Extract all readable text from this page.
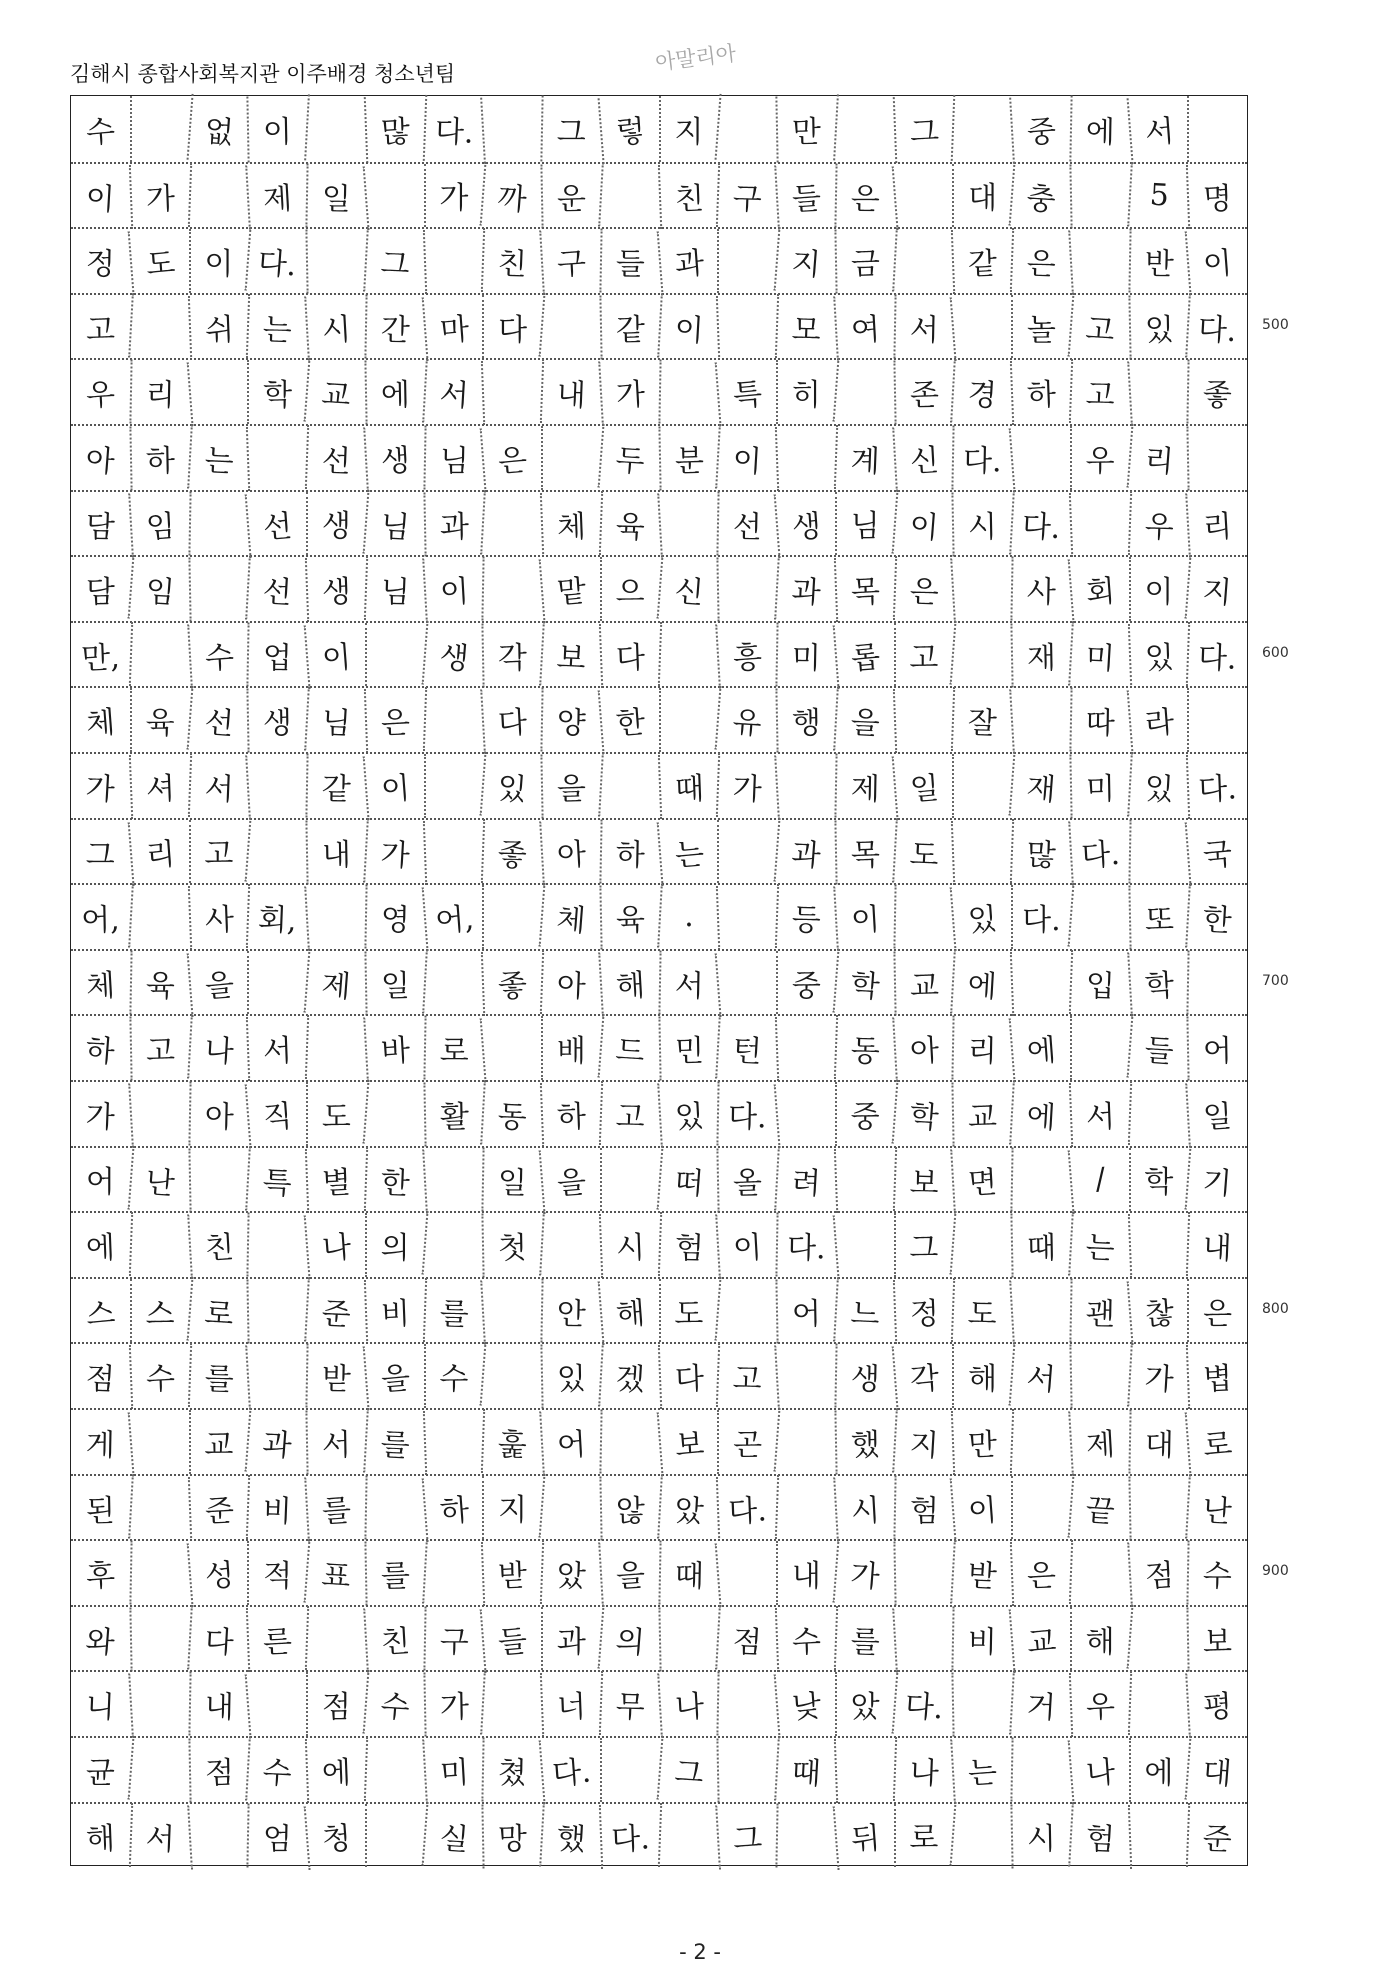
김해시 종합사회복지관 이주배경 청소년팀	아말리아
수	없 이	많 다.	그 렇 지	만	그	중 에 서
이 가	제 일	가 까 운	친 구 들 은	대 충	5	명
정 도 이 다.	그	친 구 들 과	지 금	같 은	반 이
고	쉬 는 시 간 마 다	같 이	모 여 서	놀 고 있 다.
우 리	학 교 에 서	내 가	특 히	존 경 하 고	좋
아 하 는	선 생 님 은	두 분 이	계 신 다.	우 리
담 임	선 생 님 과	체 육	선 생 님 이 시 다.	우 리
담 임	선 생 님 이	맡 으 신	과 목 은	사 회 이 지
만,	수 업 이	생 각 보 다	흥 미 롭 고	재 미 있 다.
체 육 선 생 님 은	다 양 한	유 행 을	잘	따 라
가 셔 서	같 이	있 을	때 가	제 일	재 미 있 다.
그 리 고	내 가	좋 아 하 는	과 목 도	많 다.	국
어,	사 회,	영 어,	체 육	.	등 이	있 다.	또 한
체 육 을	제 일	좋 아 해 서	중 학 교 에	입 학
하 고 나 서	바 로	배 드 민 턴	동 아 리 에	들 어
가	아 직 도	활 동 하 고 있 다.	중 학 교 에 서	일
어 난	특 별 한	일 을	떠 올 려	보 면	/	학 기
에	친	나 의	첫	시 험 이 다.	그	때 는	내
스 스 로	준 비 를	안 해 도	어 느 정 도	괜 찮 은
점 수 를	받 을 수	있 겠 다 고	생 각 해 서	가 볍
게	교 과 서 를	훑 어	보 곤	했 지 만	제 대 로
된	준 비 를	하 지	않 았 다.	시 험 이	끝	난
후	성 적 표 를	받 았 을 때	내 가	받 은	점 수
와	다 른	친 구 들 과 의	점 수 를	비 교 해	보
니	내	점 수 가	너 무 나	낮 았 다.	거 우	평
균	점 수 에	미 쳤 다.	그	때	나 는	나 에 대
해 서	엄 청	실 망 했 다.	그	뒤 로	시 험	준
500
600
700
800
900
- 2 -
